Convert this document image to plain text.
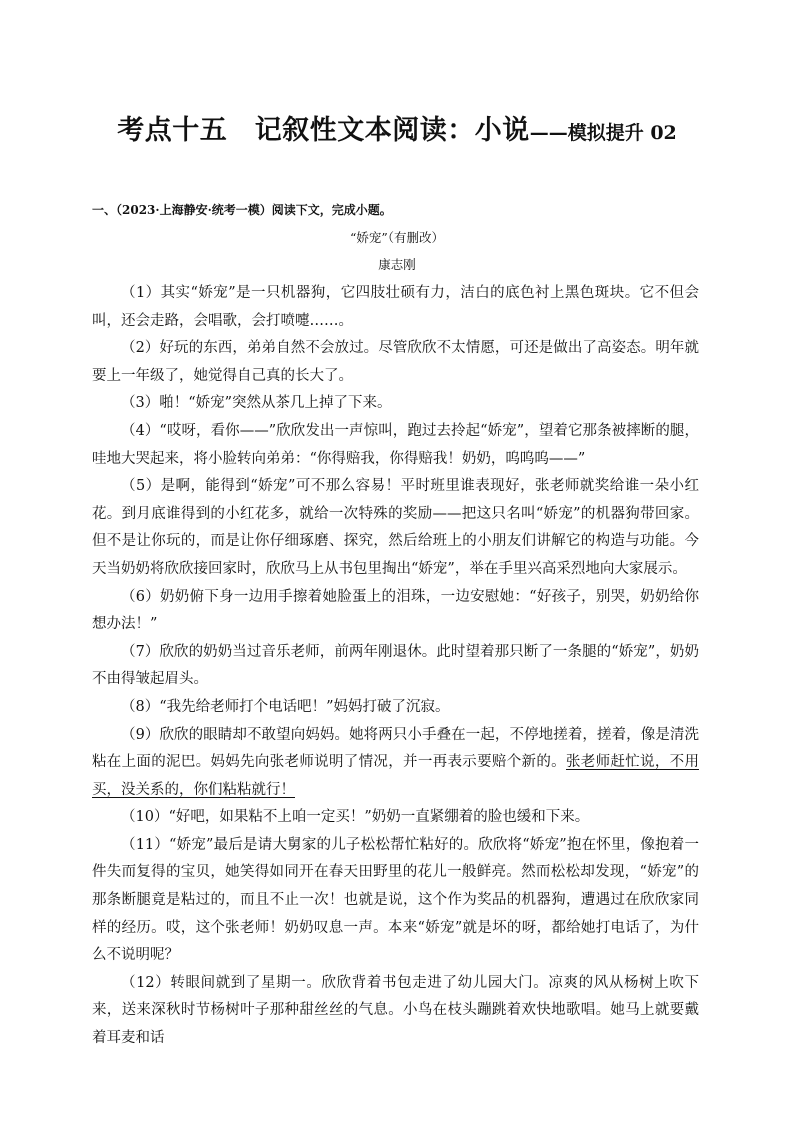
考点十五　记叙性文本阅读：小说——模拟提升 02
一、（2023·上海静安·统考一模）阅读下文，完成小题。
“娇宠”（有删改）
康志刚

（1）其实“娇宠”是一只机器狗，它四肢壮硕有力，洁白的底色衬上黑色斑块。它不但会叫，还会走路，会唱歌，会打喷嚏……。

（2）好玩的东西，弟弟自然不会放过。尽管欣欣不太情愿，可还是做出了高姿态。明年就要上一年级了，她觉得自己真的长大了。

（3）啪！“娇宠”突然从茶几上掉了下来。

（4）“哎呀，看你——”欣欣发出一声惊叫，跑过去拎起“娇宠”，望着它那条被摔断的腿，哇地大哭起来，将小脸转向弟弟：“你得赔我，你得赔我！奶奶，呜呜呜——”

（5）是啊，能得到“娇宠”可不那么容易！平时班里谁表现好，张老师就奖给谁一朵小红花。到月底谁得到的小红花多，就给一次特殊的奖励——把这只名叫“娇宠”的机器狗带回家。但不是让你玩的，而是让你仔细琢磨、探究，然后给班上的小朋友们讲解它的构造与功能。今天当奶奶将欣欣接回家时，欣欣马上从书包里掏出“娇宠”，举在手里兴高采烈地向大家展示。

（6）奶奶俯下身一边用手擦着她脸蛋上的泪珠，一边安慰她：“好孩子，别哭，奶奶给你想办法！”

（7）欣欣的奶奶当过音乐老师，前两年刚退休。此时望着那只断了一条腿的“娇宠”，奶奶不由得皱起眉头。

（8）“我先给老师打个电话吧！”妈妈打破了沉寂。

（9）欣欣的眼睛却不敢望向妈妈。她将两只小手叠在一起，不停地搓着，搓着，像是清洗粘在上面的泥巴。妈妈先向张老师说明了情况，并一再表示要赔个新的。张老师赶忙说，不用买，没关系的，你们粘粘就行！

（10）“好吧，如果粘不上咱一定买！”奶奶一直紧绷着的脸也缓和下来。

（11）“娇宠”最后是请大舅家的儿子松松帮忙粘好的。欣欣将“娇宠”抱在怀里，像抱着一件失而复得的宝贝，她笑得如同开在春天田野里的花儿一般鲜亮。然而松松却发现，“娇宠”的那条断腿竟是粘过的，而且不止一次！也就是说，这个作为奖品的机器狗，遭遇过在欣欣家同样的经历。哎，这个张老师！奶奶叹息一声。本来“娇宠”就是坏的呀，都给她打电话了，为什么不说明呢？

（12）转眼间就到了星期一。欣欣背着书包走进了幼儿园大门。凉爽的风从杨树上吹下来，送来深秋时节杨树叶子那种甜丝丝的气息。小鸟在枝头蹦跳着欢快地歌唱。她马上就要戴着耳麦和话
